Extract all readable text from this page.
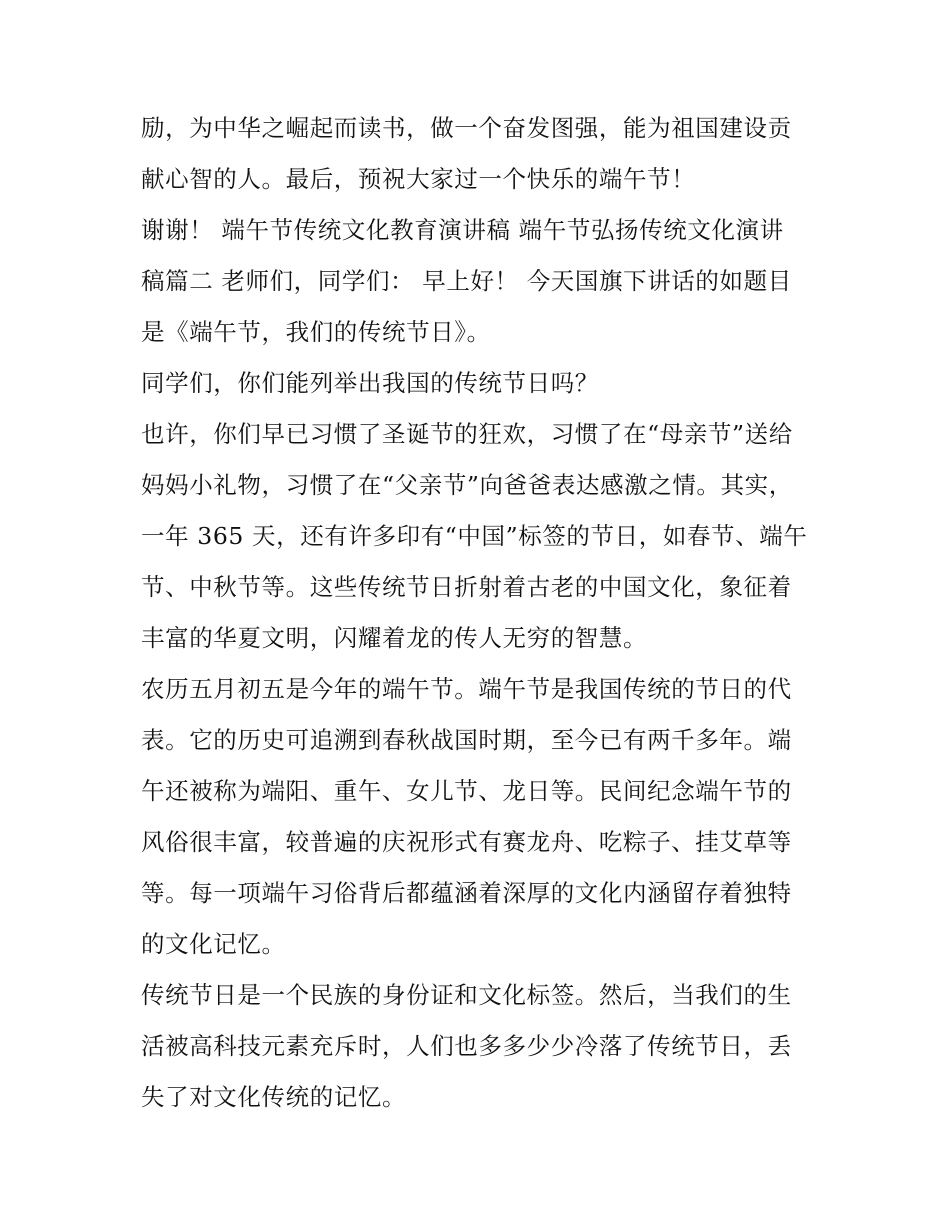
励，为中华之崛起而读书，做一个奋发图强，能为祖国建设贡
献心智的人。最后，预祝大家过一个快乐的端午节！
谢谢！ 端午节传统文化教育演讲稿 端午节弘扬传统文化演讲
稿篇二 老师们，同学们： 早上好！ 今天国旗下讲话的如题目
是《端午节，我们的传统节日》。
同学们，你们能列举出我国的传统节日吗？
也许，你们早已习惯了圣诞节的狂欢，习惯了在“母亲节”送给
妈妈小礼物，习惯了在“父亲节”向爸爸表达感激之情。其实，
一年 365 天，还有许多印有“中国”标签的节日，如春节、端午
节、中秋节等。这些传统节日折射着古老的中国文化，象征着
丰富的华夏文明，闪耀着龙的传人无穷的智慧。
农历五月初五是今年的端午节。端午节是我国传统的节日的代
表。它的历史可追溯到春秋战国时期，至今已有两千多年。端
午还被称为端阳、重午、女儿节、龙日等。民间纪念端午节的
风俗很丰富，较普遍的庆祝形式有赛龙舟、吃粽子、挂艾草等
等。每一项端午习俗背后都蕴涵着深厚的文化内涵留存着独特
的文化记忆。
传统节日是一个民族的身份证和文化标签。然后，当我们的生
活被高科技元素充斥时，人们也多多少少冷落了传统节日，丢
失了对文化传统的记忆。
